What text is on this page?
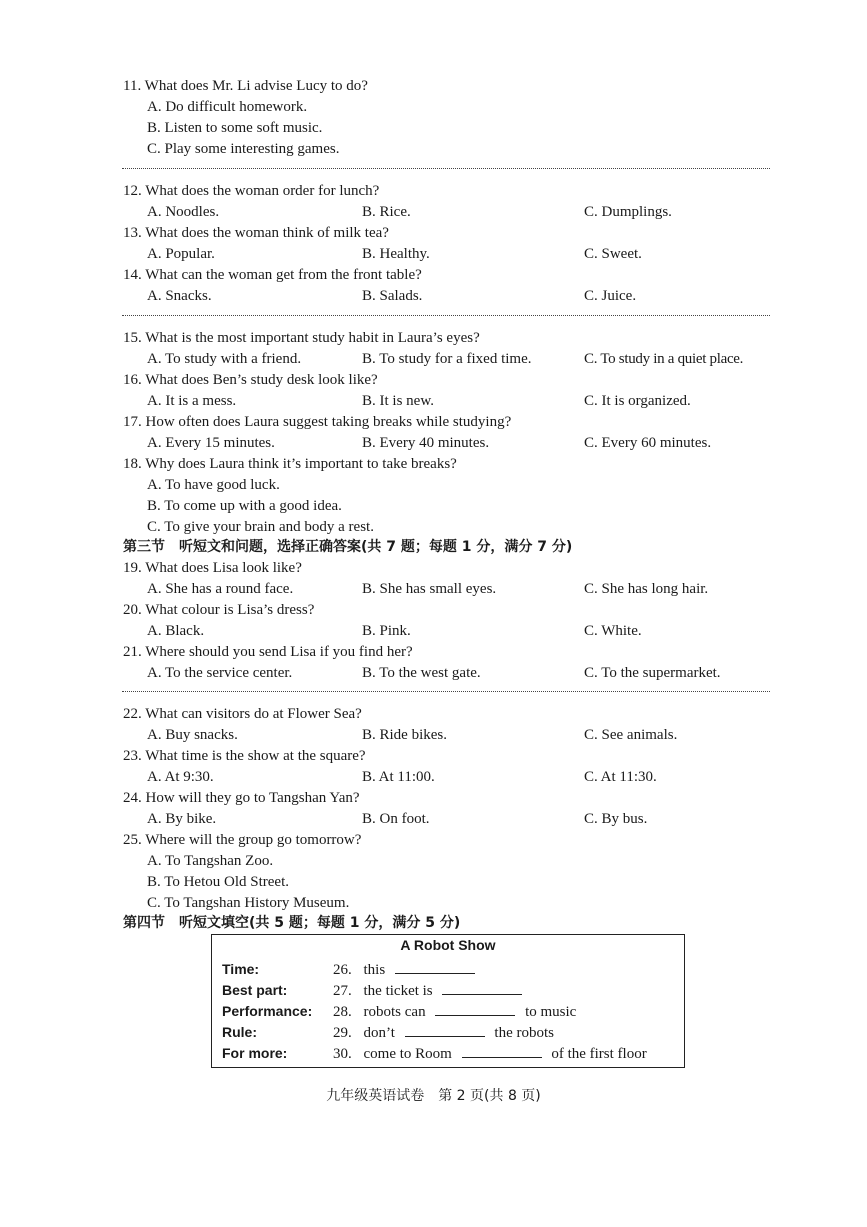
11. What does Mr. Li advise Lucy to do?
A. Do difficult homework.
B. Listen to some soft music.
C. Play some interesting games.
12. What does the woman order for lunch?
A. Noodles.	B. Rice.	C. Dumplings.
13. What does the woman think of milk tea?
A. Popular.	B. Healthy.	C. Sweet.
14. What can the woman get from the front table?
A. Snacks.	B. Salads.	C. Juice.
15. What is the most important study habit in Laura’s eyes?
A. To study with a friend.	B. To study for a fixed time.	C. To study in a quiet place.
16. What does Ben’s study desk look like?
A. It is a mess.	B. It is new.	C. It is organized.
17. How often does Laura suggest taking breaks while studying?
A. Every 15 minutes.	B. Every 40 minutes.	C. Every 60 minutes.
18. Why does Laura think it’s important to take breaks?
A. To have good luck.
B. To come up with a good idea.
C. To give your brain and body a rest.
第三节　听短文和问题，选择正确答案(共 7 题；每题 1 分，满分 7 分)
19. What does Lisa look like?
A. She has a round face.	B. She has small eyes.	C. She has long hair.
20. What colour is Lisa’s dress?
A. Black.	B. Pink.	C. White.
21. Where should you send Lisa if you find her?
A. To the service center.	B. To the west gate.	C. To the supermarket.
22. What can visitors do at Flower Sea?
A. Buy snacks.	B. Ride bikes.	C. See animals.
23. What time is the show at the square?
A. At 9:30.	B. At 11:00.	C. At 11:30.
24. How will they go to Tangshan Yan?
A. By bike.	B. On foot.	C. By bus.
25. Where will the group go tomorrow?
A. To Tangshan Zoo.
B. To Hetou Old Street.
C. To Tangshan History Museum.
第四节　听短文填空(共 5 题；每题 1 分，满分 5 分)
A Robot Show
Time:	26. this
Best part:	27. the ticket is
Performance: 28. robots can	to music
Rule:	29. don’t	the robots
For more:	30. come to Room	of the first floor
九年级英语试卷　第 2 页(共 8 页)
